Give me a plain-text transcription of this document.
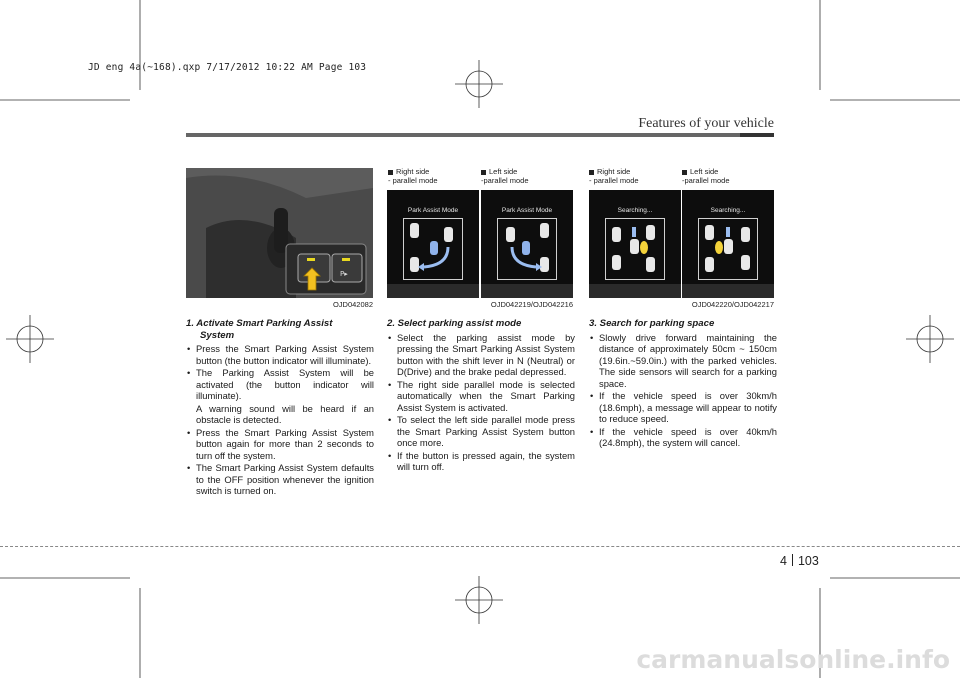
JD eng 4a(~168).qxp 7/17/2012 10:22 AM Page 103
Features of your vehicle
P▸
OJD042082
Right side
- parallel mode
Left side
-parallel mode
Park Assist Mode	Park Assist Mode
OJD042219/OJD042216
Right side
- parallel mode
Left side
-parallel mode
Searching...	Searching...
OJD042220/OJD042217
1. Activate Smart Parking Assist
System
• Press the Smart Parking Assist System button (the button indicator will illuminate).
• The Parking Assist System will be activated (the button indicator will illuminate).

A warning sound will be heard if an obstacle is detected.

• Press the Smart Parking Assist System button again for more than 2 seconds to turn off the system.
• The Smart Parking Assist System defaults to the OFF position whenever the ignition switch is turned on.
2. Select parking assist mode
• Select the parking assist mode by pressing the Smart Parking Assist System button with the shift lever in N (Neutral) or D(Drive) and the brake pedal depressed.
• The right side parallel mode is selected automatically when the Smart Parking Assist System is activated.
• To select the left side parallel mode press the Smart Parking Assist System button once more.
• If the button is pressed again, the system will turn off.
3. Search for parking space
• Slowly drive forward maintaining the distance of approximately 50cm ~ 150cm (19.6in.~59.0in.) with the parked vehicles. The side sensors will search for a parking space.
• If the vehicle speed is over 30km/h (18.6mph), a message will appear to notify to reduce speed.
• If the vehicle speed is over 40km/h (24.8mph), the system will cancel.
4 103
carmanualsonline.info
